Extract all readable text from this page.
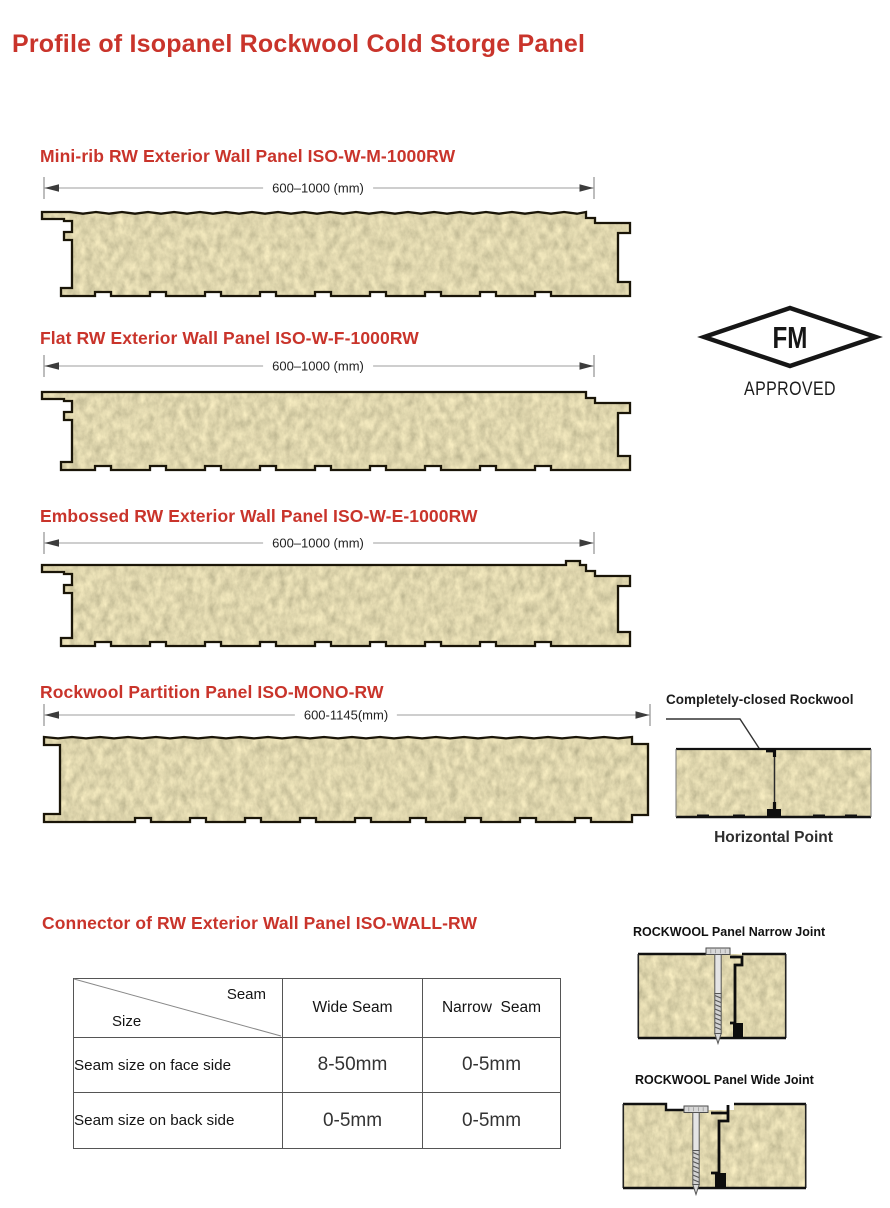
Profile of Isopanel Rockwool Cold Storge Panel
Mini-rib RW Exterior Wall Panel ISO-W-M-1000RW
600–1000 (mm)
Flat RW Exterior Wall Panel ISO-W-F-1000RW
600–1000 (mm)
FM
APPROVED
Embossed RW Exterior Wall Panel ISO-W-E-1000RW
600–1000 (mm)
Rockwool Partition Panel ISO-MONO-RW
600-1145(mm)
Completely-closed Rockwool
Horizontal Point
Connector of RW Exterior Wall Panel ISO-WALL-RW
Seam
Size	Wide Seam	Narrow  Seam
Seam size on face side	8-50mm	0-5mm
Seam size on back side	0-5mm	0-5mm
ROCKWOOL Panel Narrow Joint
ROCKWOOL Panel Wide Joint
